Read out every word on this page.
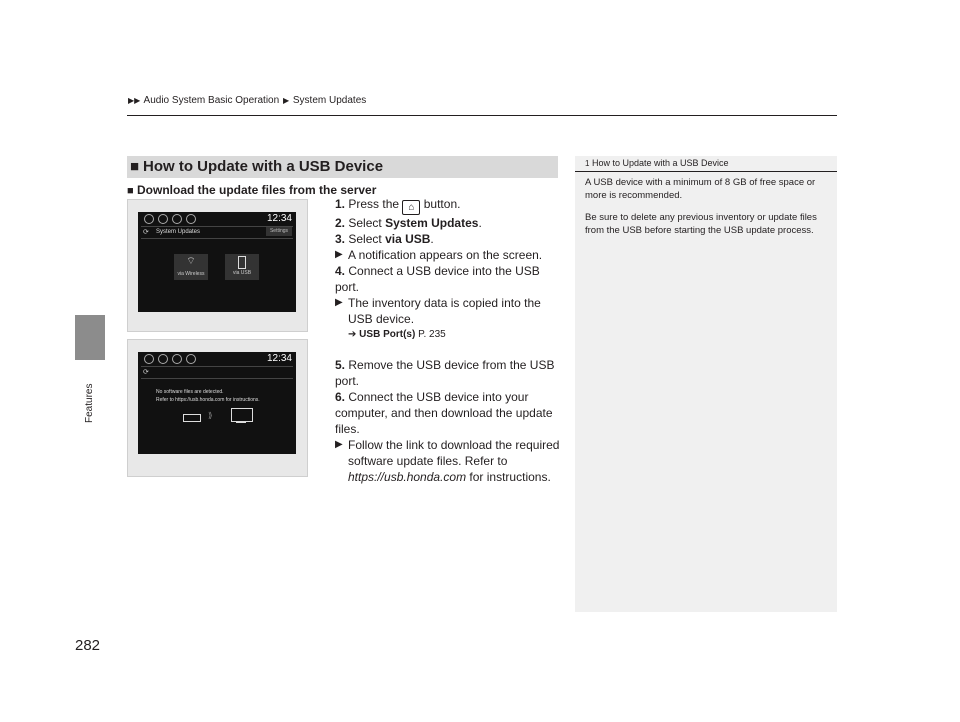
▶▶ Audio System Basic Operation ▶ System Updates
Features
282
■ How to Update with a USB Device
■ Download the update files from the server
1. Press the ⌂ button.
2. Select System Updates.
3. Select via USB.
▶ A notification appears on the screen.
4. Connect a USB device into the USB port.
▶ The inventory data is copied into the USB device.
➔ USB Port(s) P. 235
5. Remove the USB device from the USB port.
6. Connect the USB device into your computer, and then download the update files.
▶ Follow the link to download the required software update files. Refer to https://usb.honda.com for instructions.
12:34
⟳ System Updates	Settings
⌔
via Wireless	via USB
12:34
⟳
No software files are detected.
Refer to https://usb.honda.com for instructions.
⟫
1 How to Update with a USB Device

A USB device with a minimum of 8 GB of free space or more is recommended.

Be sure to delete any previous inventory or update files from the USB before starting the USB update process.
